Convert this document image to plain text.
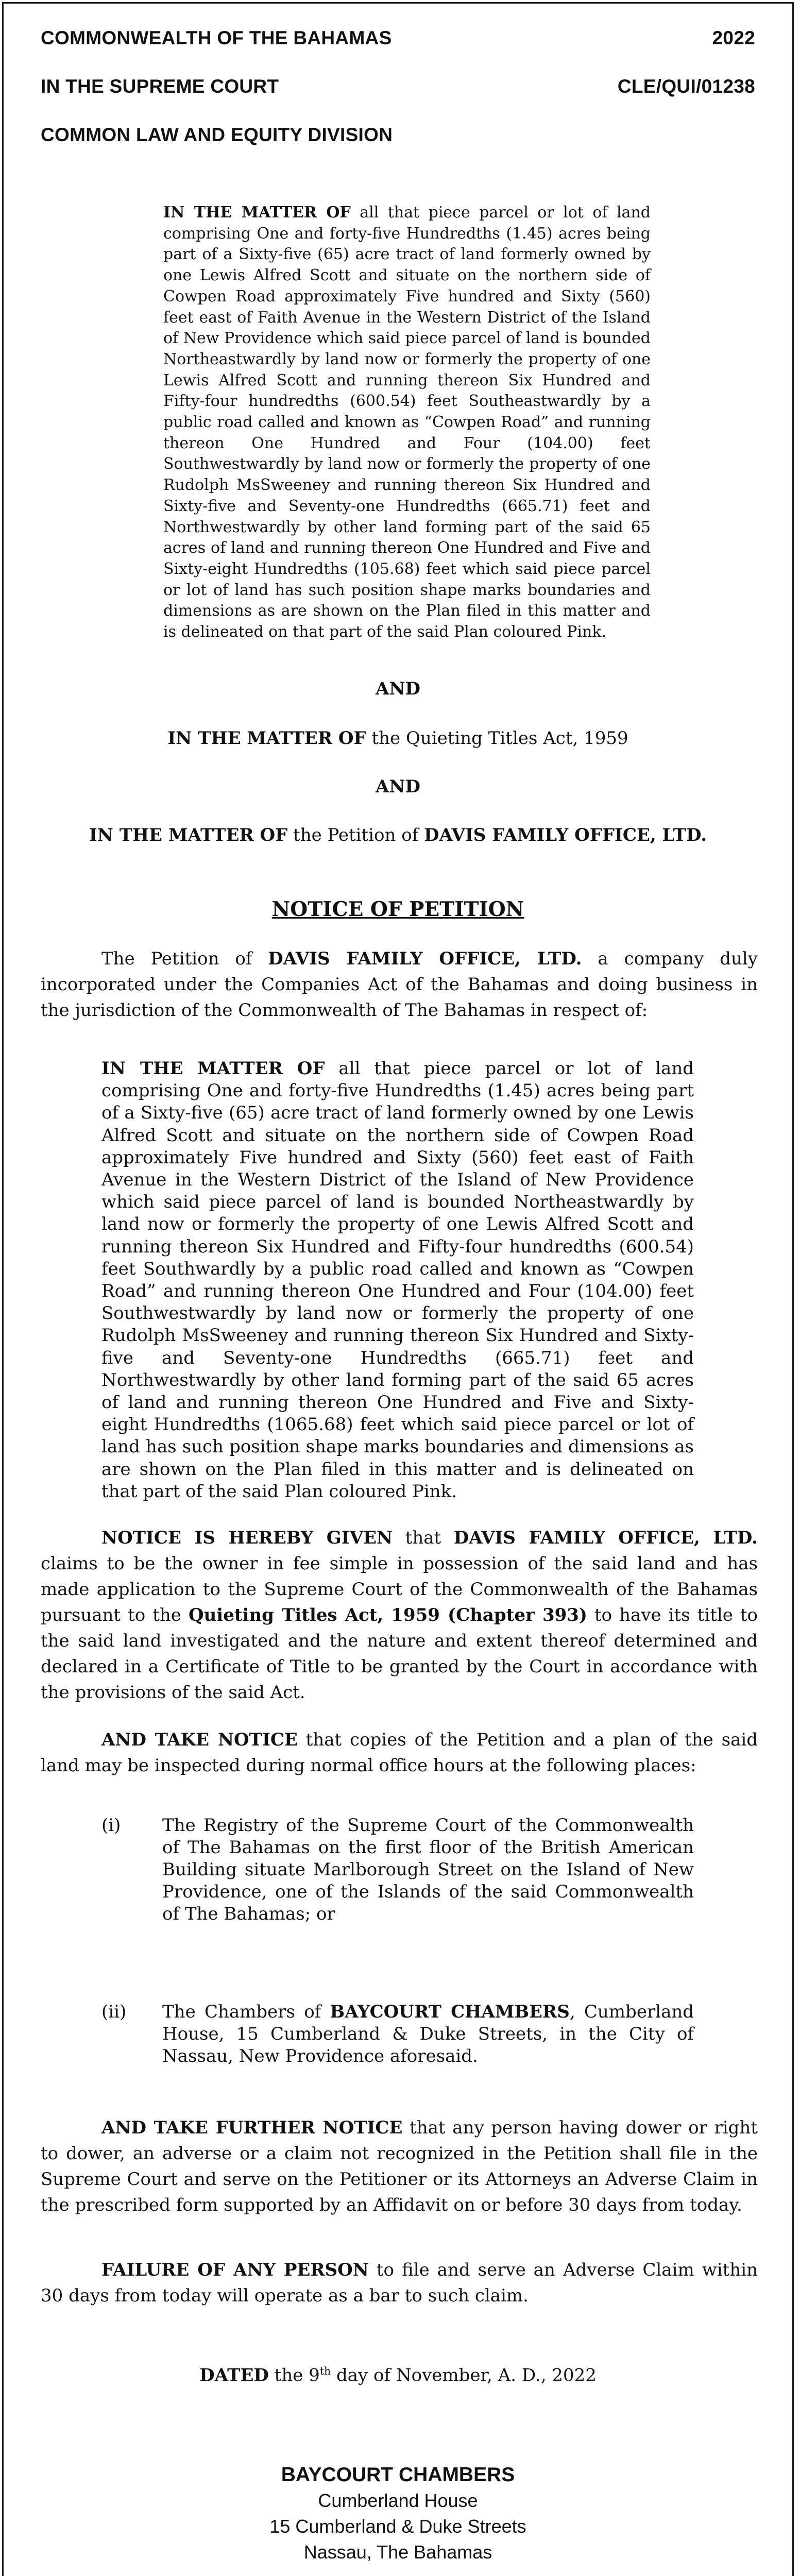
COMMONWEALTH OF THE BAHAMAS	2022
IN THE SUPREME COURT	CLE/QUI/01238
COMMON LAW AND EQUITY DIVISION
IN THE MATTER OF all that piece parcel or lot of land comprising One and forty-five Hundredths (1.45) acres being part of a Sixty-five (65) acre tract of land formerly owned by one Lewis Alfred Scott and situate on the northern side of Cowpen Road approximately Five hundred and Sixty (560) feet east of Faith Avenue in the Western District of the Island of New Providence which said piece parcel of land is bounded Northeastwardly by land now or formerly the property of one Lewis Alfred Scott and running thereon Six Hundred and Fifty-four hundredths (600.54) feet Southeastwardly by a public road called and known as “Cowpen Road” and running thereon One Hundred and Four (104.00) feet Southwestwardly by land now or formerly the property of one Rudolph MsSweeney and running thereon Six Hundred and Sixty-five and Seventy-one Hundredths (665.71) feet and Northwestwardly by other land forming part of the said 65 acres of land and running thereon One Hundred and Five and Sixty-eight Hundredths (105.68) feet which said piece parcel or lot of land has such position shape marks boundaries and dimensions as are shown on the Plan filed in this matter and is delineated on that part of the said Plan coloured Pink.
AND
IN THE MATTER OF the Quieting Titles Act, 1959
AND
IN THE MATTER OF the Petition of DAVIS FAMILY OFFICE, LTD.
NOTICE OF PETITION
The Petition of DAVIS FAMILY OFFICE, LTD. a company duly incorporated under the Companies Act of the Bahamas and doing business in the jurisdiction of the Commonwealth of The Bahamas in respect of:
IN THE MATTER OF all that piece parcel or lot of land comprising One and forty-five Hundredths (1.45) acres being part of a Sixty-five (65) acre tract of land formerly owned by one Lewis Alfred Scott and situate on the northern side of Cowpen Road approximately Five hundred and Sixty (560) feet east of Faith Avenue in the Western District of the Island of New Providence which said piece parcel of land is bounded Northeastwardly by land now or formerly the property of one Lewis Alfred Scott and running thereon Six Hundred and Fifty-four hundredths (600.54) feet Southwardly by a public road called and known as “Cowpen Road” and running thereon One Hundred and Four (104.00) feet Southwestwardly by land now or formerly the property of one Rudolph MsSweeney and running thereon Six Hundred and Sixty-five and Seventy-one Hundredths (665.71) feet and Northwestwardly by other land forming part of the said 65 acres of land and running thereon One Hundred and Five and Sixty-eight Hundredths (1065.68) feet which said piece parcel or lot of land has such position shape marks boundaries and dimensions as are shown on the Plan filed in this matter and is delineated on that part of the said Plan coloured Pink.
NOTICE IS HEREBY GIVEN that DAVIS FAMILY OFFICE, LTD. claims to be the owner in fee simple in possession of the said land and has made application to the Supreme Court of the Commonwealth of the Bahamas pursuant to the Quieting Titles Act, 1959 (Chapter 393) to have its title to the said land investigated and the nature and extent thereof determined and declared in a Certificate of Title to be granted by the Court in accordance with the provisions of the said Act.
AND TAKE NOTICE that copies of the Petition and a plan of the said land may be inspected during normal office hours at the following places:
(i) The Registry of the Supreme Court of the Commonwealth of The Bahamas on the first floor of the British American Building situate Marlborough Street on the Island of New Providence, one of the Islands of the said Commonwealth of The Bahamas; or
(ii) The Chambers of BAYCOURT CHAMBERS, Cumberland House, 15 Cumberland & Duke Streets, in the City of Nassau, New Providence aforesaid.
AND TAKE FURTHER NOTICE that any person having dower or right to dower, an adverse or a claim not recognized in the Petition shall file in the Supreme Court and serve on the Petitioner or its Attorneys an Adverse Claim in the prescribed form supported by an Affidavit on or before 30 days from today.
FAILURE OF ANY PERSON to file and serve an Adverse Claim within 30 days from today will operate as a bar to such claim.
DATED the 9th day of November, A. D., 2022
BAYCOURT CHAMBERS
Cumberland House
15 Cumberland & Duke Streets
Nassau, The Bahamas
